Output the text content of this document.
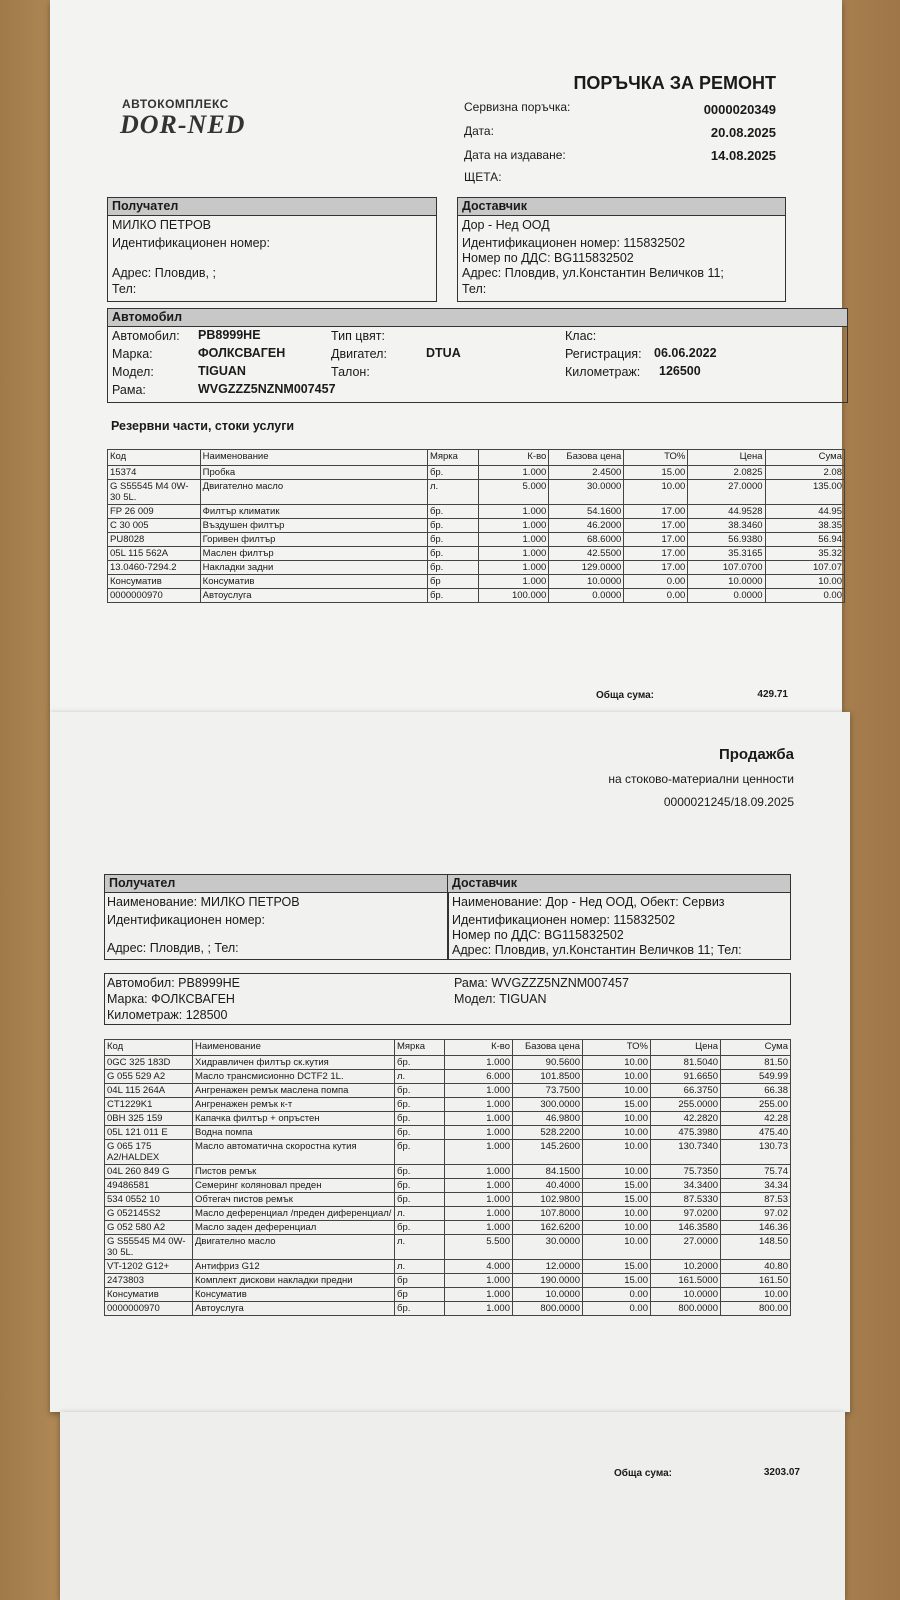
АВТОКОМПЛЕКС
DOR-NED
ПОРЪЧКА ЗА РЕМОНТ
Сервизна поръчка:	0000020349
Дата:	20.08.2025
Дата на издаване:	14.08.2025
ЩЕТА:
Получател
МИЛКО ПЕТРОВ
Идентификационен номер:
Адрес: Пловдив, ;
Тел:
Доставчик
Дор - Нед ООД
Идентификационен номер: 115832502
Номер по ДДС: BG115832502
Адрес: Пловдив, ул.Константин Величков 11;
Тел:
Автомобил
Автомобил: PB8999HE
Марка:	ФОЛКСВАГЕН
Модел:	TIGUAN
Рама:	WVGZZZ5NZNM007457
Тип цвят:
Двигател:	DTUA
Талон:
Клас:
Регистрация: 06.06.2022
Километраж: 126500
Резервни части, стоки услуги
Код	Наименование	Мярка	К-во	Базова цена	ТО%	Цена	Сума
15374	Пробка	бр.	1.000	2.4500	15.00	2.0825	2.08
G S55545 M4 0W-30 5L.	Двигателно масло	л.	5.000	30.0000	10.00	27.0000	135.00
FP 26 009	Филтър климатик	бр.	1.000	54.1600	17.00	44.9528	44.95
C 30 005	Въздушен филтър	бр.	1.000	46.2000	17.00	38.3460	38.35
PU8028	Горивен филтър	бр.	1.000	68.6000	17.00	56.9380	56.94
05L 115 562A	Маслен филтър	бр.	1.000	42.5500	17.00	35.3165	35.32
13.0460-7294.2	Накладки задни	бр.	1.000	129.0000	17.00	107.0700	107.07
Консуматив	Консуматив	бр	1.000	10.0000	0.00	10.0000	10.00
0000000970	Автоуслуга	бр.	100.000	0.0000	0.00	0.0000	0.00
Обща сума:	429.71
Продажба
на стоково-материални ценности
0000021245/18.09.2025
Получател
Наименование: МИЛКО ПЕТРОВ
Идентификационен номер:
Адрес: Пловдив, ; Тел:
Доставчик
Наименование: Дор - Нед ООД, Обект: Сервиз
Идентификационен номер: 115832502
Номер по ДДС: BG115832502
Адрес: Пловдив, ул.Константин Величков 11; Тел:
Автомобил: PB8999HE
Марка: ФОЛКСВАГЕН
Километраж: 128500
Рама: WVGZZZ5NZNM007457
Модел: TIGUAN
Код	Наименование	Мярка	К-во	Базова цена	ТО%	Цена	Сума
0GC 325 183D	Хидравличен филтър ск.кутия	бр.	1.000	90.5600	10.00	81.5040	81.50
G 055 529 A2	Масло трансмисионно DCTF2 1L.	л.	6.000	101.8500	10.00	91.6650	549.99
04L 115 264A	Ангренажен ремък маслена помпа	бр.	1.000	73.7500	10.00	66.3750	66.38
CT1229K1	Ангренажен ремък к-т	бр.	1.000	300.0000	15.00	255.0000	255.00
0BH 325 159	Капачка филтър + опръстен	бр.	1.000	46.9800	10.00	42.2820	42.28
05L 121 011 E	Водна помпа	бр.	1.000	528.2200	10.00	475.3980	475.40
G 065 175 A2/HALDEX	Масло автоматична скоростна кутия	бр.	1.000	145.2600	10.00	130.7340	130.73
04L 260 849 G	Пистов ремък	бр.	1.000	84.1500	10.00	75.7350	75.74
49486581	Семеринг коляновал преден	бр.	1.000	40.4000	15.00	34.3400	34.34
534 0552 10	Обтегач пистов ремък	бр.	1.000	102.9800	15.00	87.5330	87.53
G 052145S2	Масло деференциал /преден диференциал/	л.	1.000	107.8000	10.00	97.0200	97.02
G 052 580 A2	Масло заден деференциал	бр.	1.000	162.6200	10.00	146.3580	146.36
G S55545 M4 0W-30 5L.	Двигателно масло	л.	5.500	30.0000	10.00	27.0000	148.50
VT-1202 G12+	Антифриз G12	л.	4.000	12.0000	15.00	10.2000	40.80
2473803	Комплект дискови накладки предни	бр	1.000	190.0000	15.00	161.5000	161.50
Консуматив	Консуматив	бр	1.000	10.0000	0.00	10.0000	10.00
0000000970	Автоуслуга	бр.	1.000	800.0000	0.00	800.0000	800.00
Обща сума:	3203.07
